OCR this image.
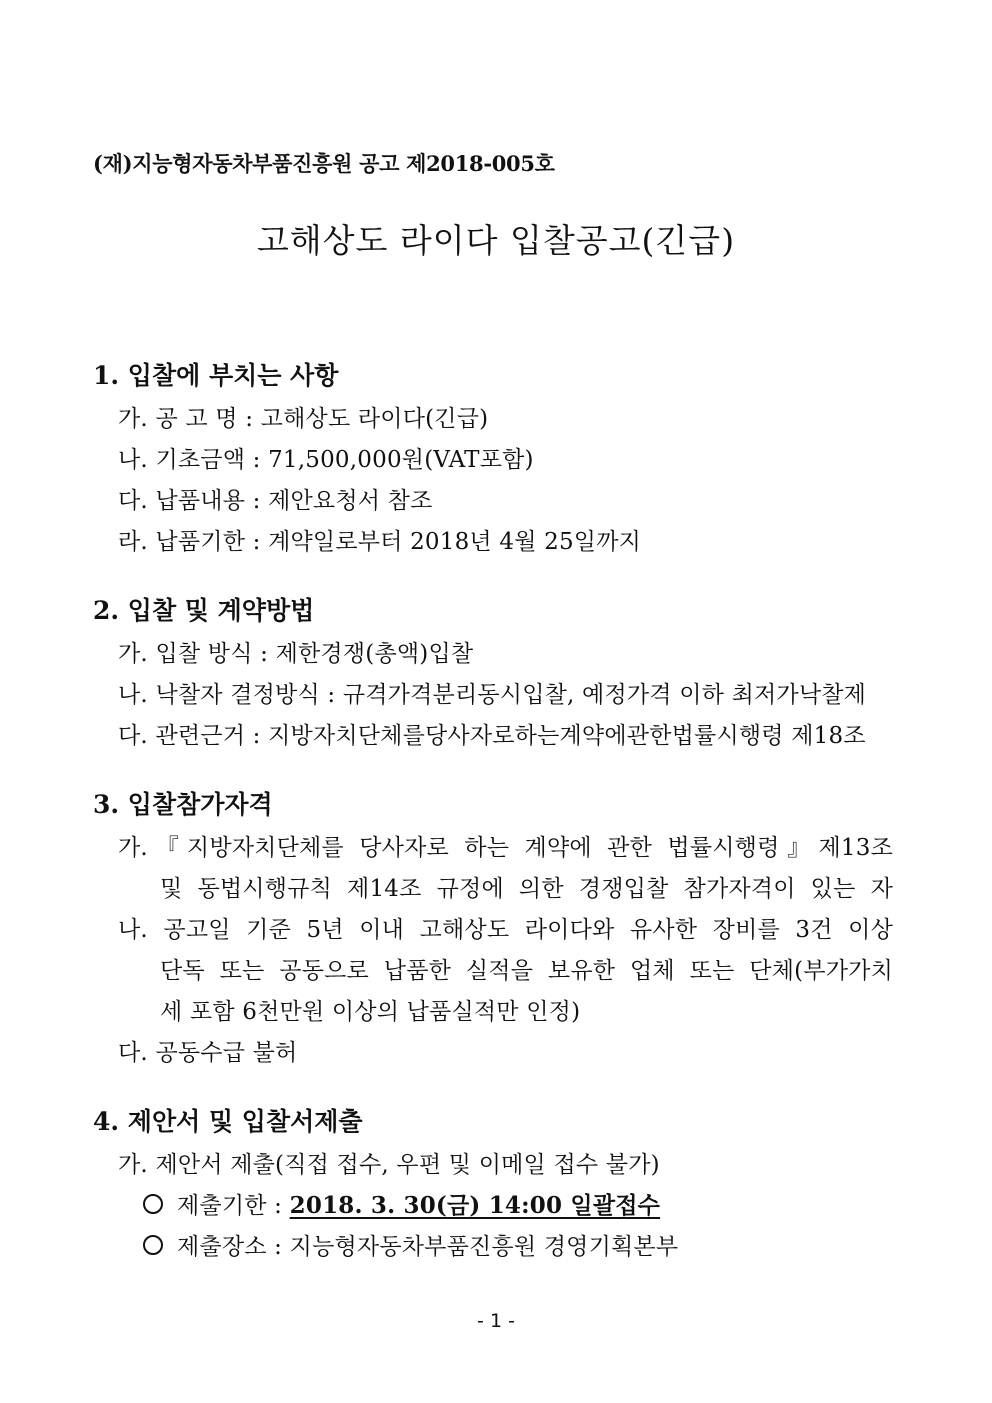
(재)지능형자동차부품진흥원 공고 제2018-005호
고해상도 라이다 입찰공고(긴급)
1. 입찰에 부치는 사항
가. 공 고 명 : 고해상도 라이다(긴급)
나. 기초금액 : 71,500,000원(VAT포함)
다. 납품내용 : 제안요청서 참조
라. 납품기한 : 계약일로부터 2018년 4월 25일까지
2. 입찰 및 계약방법
가. 입찰 방식 : 제한경쟁(총액)입찰
나. 낙찰자 결정방식 : 규격가격분리동시입찰, 예정가격 이하 최저가낙찰제
다. 관련근거 : 지방자치단체를당사자로하는계약에관한법률시행령 제18조
3. 입찰참가자격
가.『지방자치단체를 당사자로 하는 계약에 관한 법률시행령』제13조
및 동법시행규칙 제14조 규정에 의한 경쟁입찰 참가자격이 있는 자
나. 공고일 기준 5년 이내 고해상도 라이다와 유사한 장비를 3건 이상
단독 또는 공동으로 납품한 실적을 보유한 업체 또는 단체(부가가치
세 포함 6천만원 이상의 납품실적만 인정)
다. 공동수급 불허
4. 제안서 및 입찰서제출
가. 제안서 제출(직접 접수, 우편 및 이메일 접수 불가)
제출기한 : 2018. 3. 30(금) 14:00 일괄접수
제출장소 : 지능형자동차부품진흥원 경영기획본부
- 1 -
